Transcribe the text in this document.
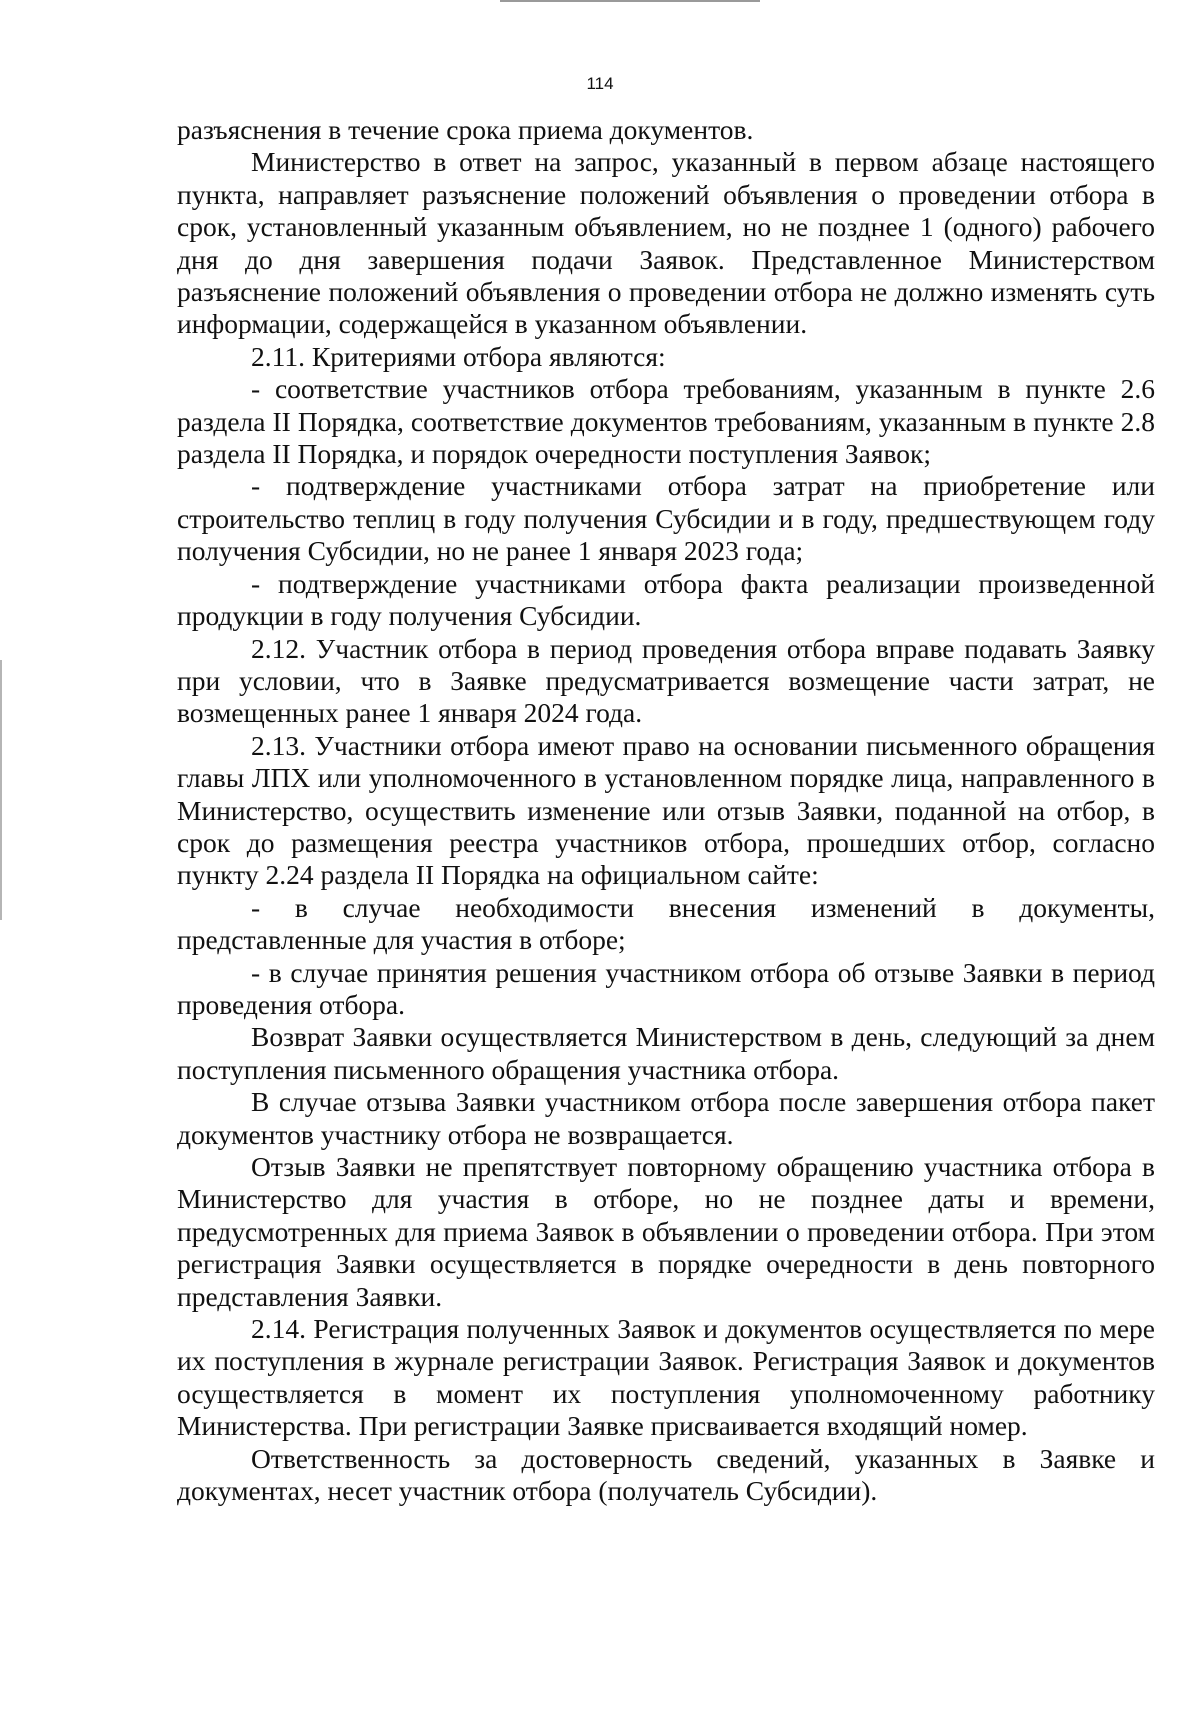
114

разъяснения в течение срока приема документов.

Министерство в ответ на запрос, указанный в первом абзаце настоящего пункта, направляет разъяснение положений объявления о проведении отбора в срок, установленный указанным объявлением, но не позднее 1 (одного) рабочего дня до дня завершения подачи Заявок. Представленное Министерством разъяснение положений объявления о проведении отбора не должно изменять суть информации, содержащейся в указанном объявлении.

2.11. Критериями отбора являются:

- соответствие участников отбора требованиям, указанным в пункте 2.6 раздела II Порядка, соответствие документов требованиям, указанным в пункте 2.8 раздела II Порядка, и порядок очередности поступления Заявок;

- подтверждение участниками отбора затрат на приобретение или строительство теплиц в году получения Субсидии и в году, предшествующем году получения Субсидии, но не ранее 1 января 2023 года;

- подтверждение участниками отбора факта реализации произведенной продукции в году получения Субсидии.

2.12. Участник отбора в период проведения отбора вправе подавать Заявку при условии, что в Заявке предусматривается возмещение части затрат, не возмещенных ранее 1 января 2024 года.

2.13. Участники отбора имеют право на основании письменного обращения главы ЛПХ или уполномоченного в установленном порядке лица, направленного в Министерство, осуществить изменение или отзыв Заявки, поданной на отбор, в срок до размещения реестра участников отбора, прошедших отбор, согласно пункту 2.24 раздела II Порядка на официальном сайте:

- в случае необходимости внесения изменений в документы, представленные для участия в отборе;

- в случае принятия решения участником отбора об отзыве Заявки в период проведения отбора.

Возврат Заявки осуществляется Министерством в день, следующий за днем поступления письменного обращения участника отбора.

В случае отзыва Заявки участником отбора после завершения отбора пакет документов участнику отбора не возвращается.

Отзыв Заявки не препятствует повторному обращению участника отбора в Министерство для участия в отборе, но не позднее даты и времени, предусмотренных для приема Заявок в объявлении о проведении отбора. При этом регистрация Заявки осуществляется в порядке очередности в день повторного представления Заявки.

2.14. Регистрация полученных Заявок и документов осуществляется по мере их поступления в журнале регистрации Заявок. Регистрация Заявок и документов осуществляется в момент их поступления уполномоченному работнику Министерства. При регистрации Заявке присваивается входящий номер.

Ответственность за достоверность сведений, указанных в Заявке и документах, несет участник отбора (получатель Субсидии).
